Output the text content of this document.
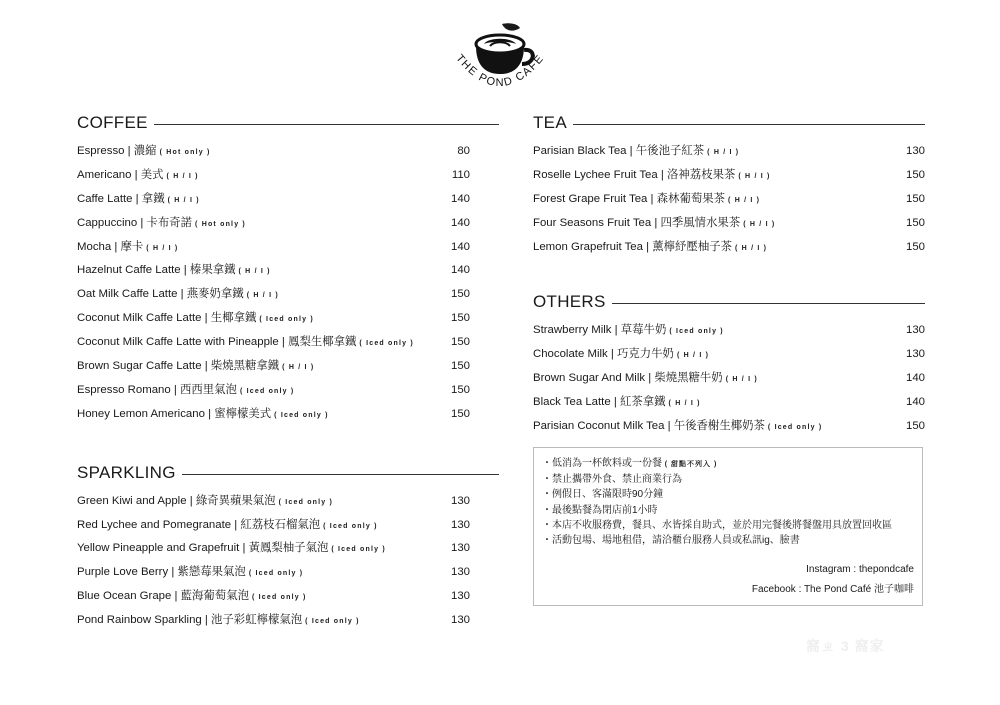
THE POND CAFÉ
COFFEE
Espresso | 濃縮 ( Hot only )	80
Americano | 美式 ( H / I )	110
Caffe Latte | 拿鐵 ( H / I )	140
Cappuccino | 卡布奇諾 ( Hot only )	140
Mocha | 摩卡 ( H / I )	140
Hazelnut Caffe Latte | 榛果拿鐵 ( H / I )	140
Oat Milk Caffe Latte | 燕麥奶拿鐵 ( H / I )	150
Coconut Milk Caffe Latte | 生椰拿鐵 ( Iced only )	150
Coconut Milk Caffe Latte with Pineapple | 鳳梨生椰拿鐵 ( Iced only )	150
Brown Sugar Caffe Latte | 柴燒黑糖拿鐵 ( H / I )	150
Espresso Romano | 西西里氣泡 ( Iced only )	150
Honey Lemon Americano | 蜜檸檬美式 ( Iced only )	150
SPARKLING
Green Kiwi and Apple | 綠奇異蘋果氣泡 ( Iced only )	130
Red Lychee and Pomegranate | 紅荔枝石榴氣泡 ( Iced only )	130
Yellow Pineapple and Grapefruit | 黃鳳梨柚子氣泡 ( Iced only )	130
Purple Love Berry | 紫戀莓果氣泡 ( Iced only )	130
Blue Ocean Grape | 藍海葡萄氣泡 ( Iced only )	130
Pond Rainbow Sparkling | 池子彩虹檸檬氣泡 ( Iced only )	130
TEA
Parisian Black Tea | 午後池子紅茶 ( H / I )	130
Roselle Lychee Fruit Tea | 洛神荔枝果茶 ( H / I )	150
Forest Grape Fruit Tea | 森林葡萄果茶 ( H / I )	150
Four Seasons Fruit Tea | 四季風情水果茶 ( H / I )	150
Lemon Grapefruit Tea | 薰檸紓壓柚子茶 ( H / I )	150
OTHERS
Strawberry Milk | 草莓牛奶 ( Iced only )	130
Chocolate Milk | 巧克力牛奶 ( H / I )	130
Brown Sugar And Milk | 柴燒黑糖牛奶 ( H / I )	140
Black Tea Latte | 紅茶拿鐵 ( H / I )	140
Parisian Coconut Milk Tea | 午後香榭生椰奶茶 ( Iced only )	150
・低消為一杯飲料或一份餐 ( 甜點不列入 )
・禁止攜帶外食、禁止商業行為
・例假日、客滿限時90分鐘
・最後點餐為閉店前1小時
・本店不收服務費，餐具、水皆採自助式，並於用完餐後將餐盤用具放置回收區
・活動包場、場地租借，請洽櫃台服務人員或私訊ig、臉書
Instagram : thepondcafe
Facebook : The Pond Café 池子咖啡
窩ㄓ 3 窩家
